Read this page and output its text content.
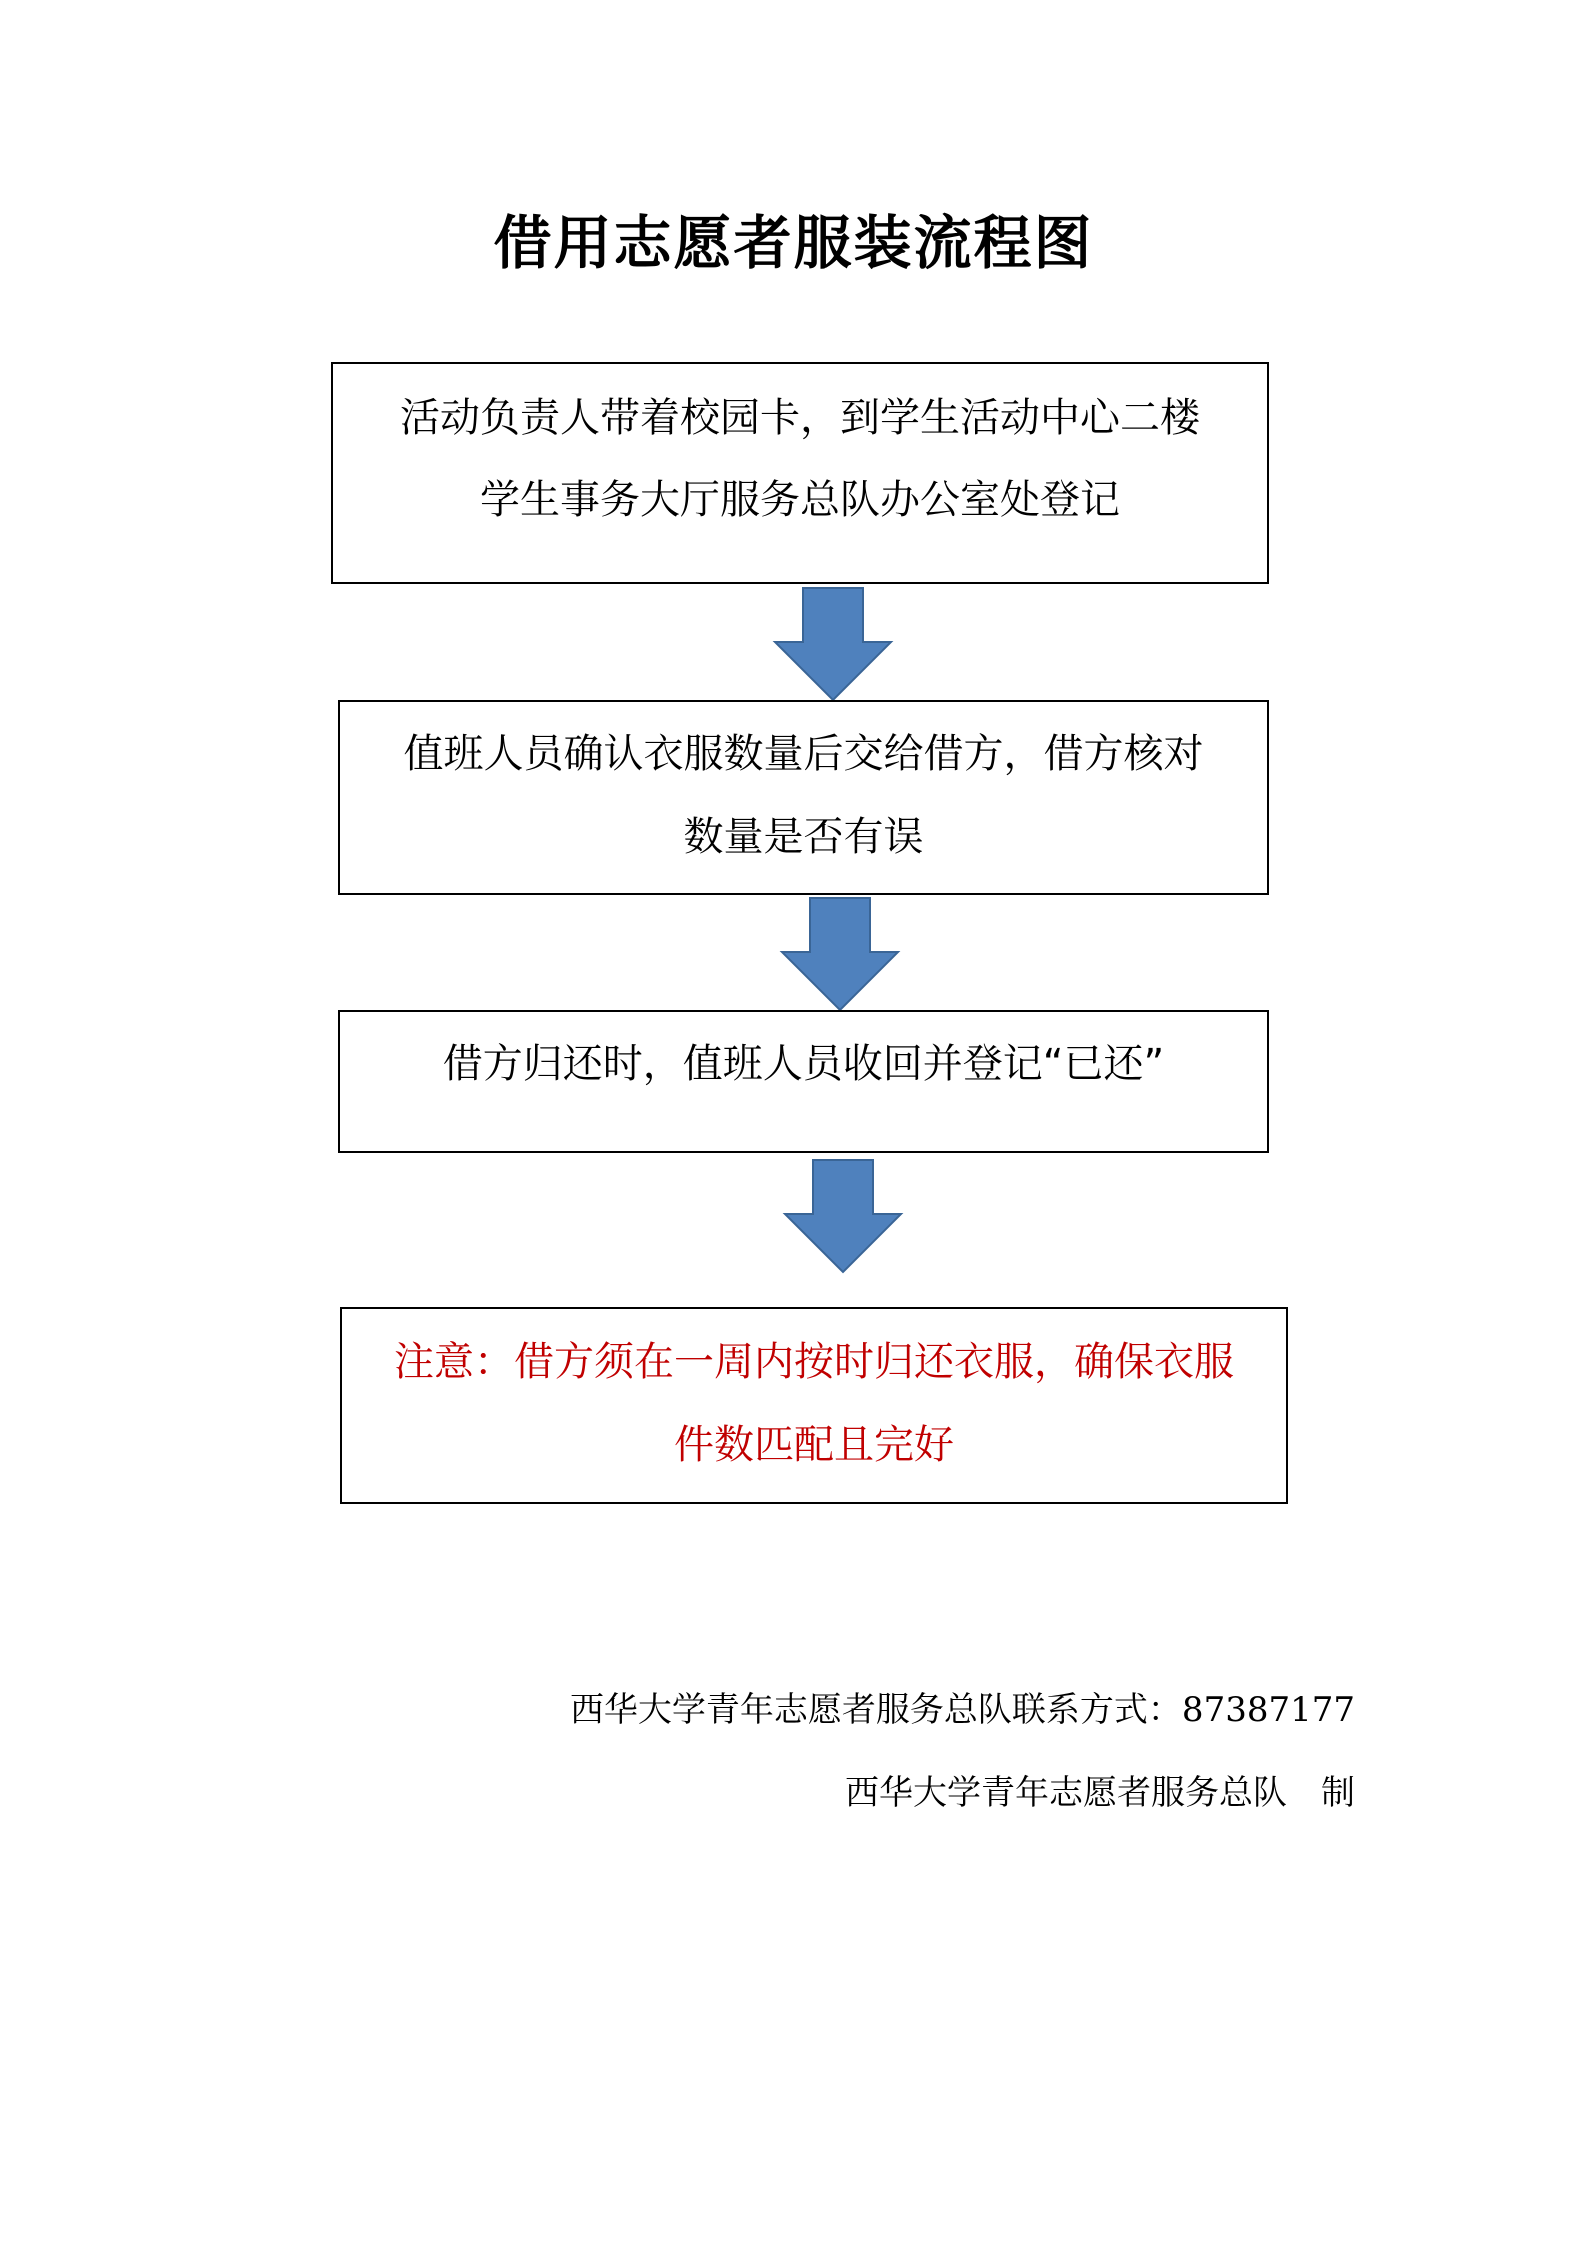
借用志愿者服装流程图
活动负责人带着校园卡，到学生活动中心二楼
学生事务大厅服务总队办公室处登记
值班人员确认衣服数量后交给借方，借方核对
数量是否有误
借方归还时，值班人员收回并登记“已还”
注意：借方须在一周内按时归还衣服，确保衣服
件数匹配且完好
西华大学青年志愿者服务总队联系方式：87387177
西华大学青年志愿者服务总队　制
